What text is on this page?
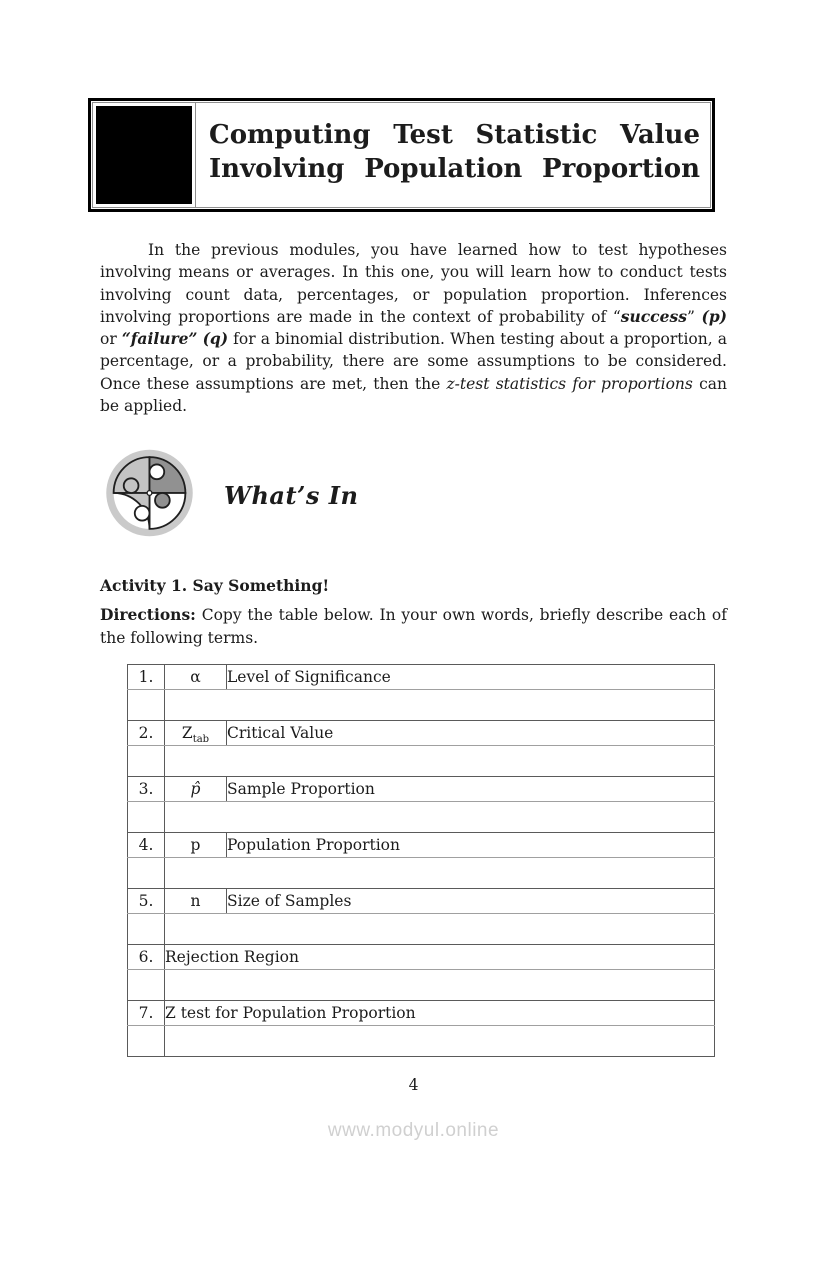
Computing Test Statistic Value
Involving Population Proportion

In the previous modules, you have learned how to test hypotheses involving means or averages. In this one, you will learn how to conduct tests involving count data, percentages, or population proportion. Inferences involving proportions are made in the context of probability of “success” (p) or “failure” (q) for a binomial distribution. When testing about a proportion, a percentage, or a probability, there are some assumptions to be considered. Once these assumptions are met, then the z-test statistics for proportions can be applied.

What’s In
Activity 1. Say Something!

Directions: Copy the table below. In your own words, briefly describe each of the following terms.

1.	α	Level of Significance

2.	$Z_{tab}$	Critical Value

3.	p̂	Sample Proportion

4.	p	Population Proportion

5.	n	Size of Samples

6.	Rejection Region	

7.	Z test for Population Proportion	

4
www.modyul.online
